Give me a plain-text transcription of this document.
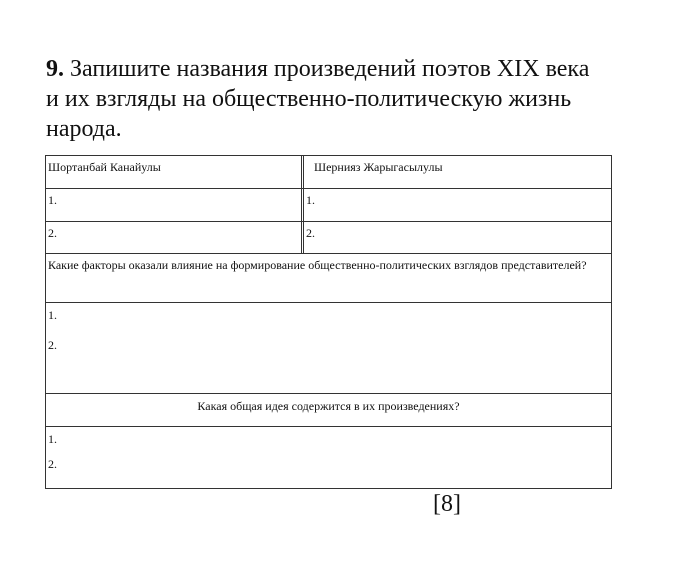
9. Запишите названия произведений поэтов XIX века
и их взгляды на общественно-политическую жизнь
народа.
Шортанбай Канайулы	Шернияз Жарыгасылулы
1.	1.
2.	2.
Какие факторы оказали влияние на формирование общественно-политических взглядов представителей?
1.
2.
Какая общая идея содержится в их произведениях?
1.
2.
[8]
